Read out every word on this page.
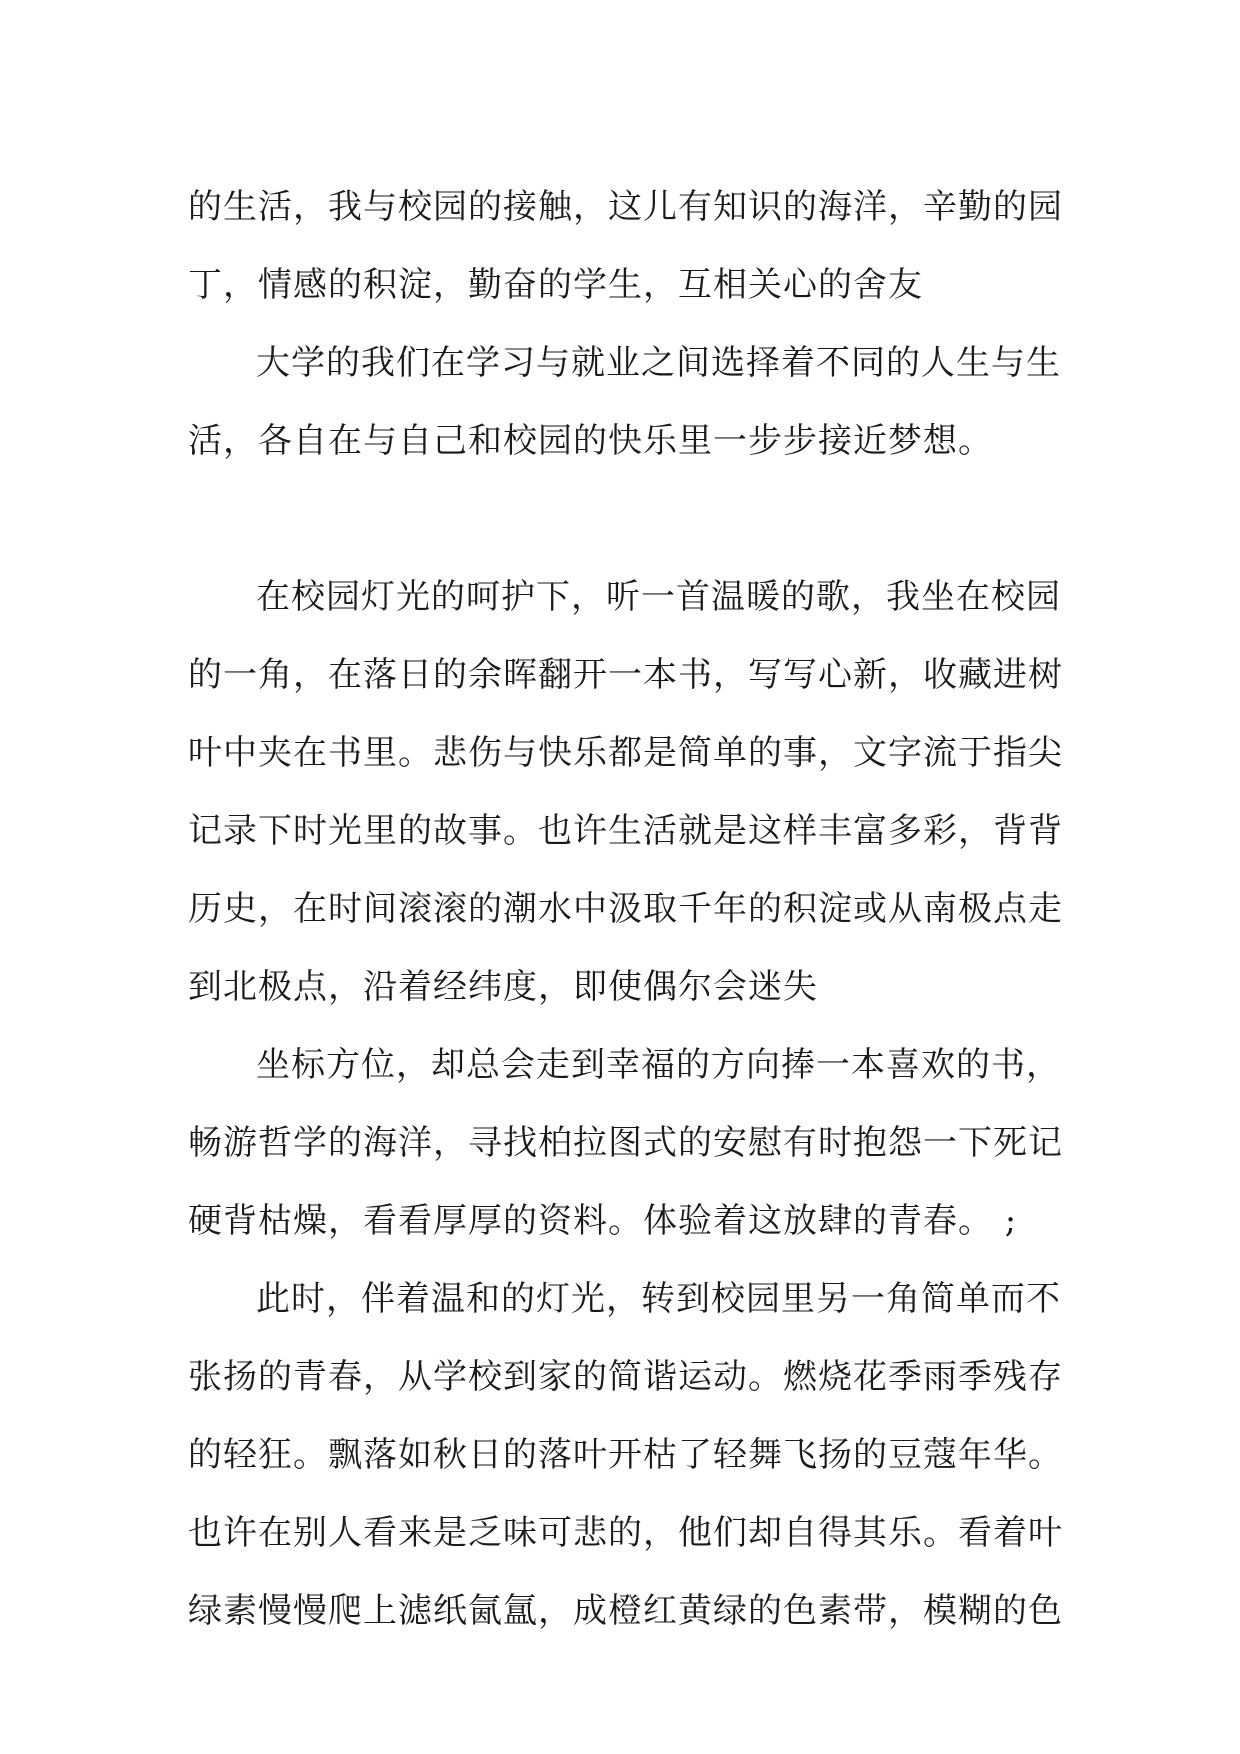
的生活，我与校园的接触，这儿有知识的海洋，辛勤的园
丁，情感的积淀，勤奋的学生，互相关心的舍友
大学的我们在学习与就业之间选择着不同的人生与生
活，各自在与自己和校园的快乐里一步步接近梦想。
在校园灯光的呵护下，听一首温暖的歌，我坐在校园
的一角，在落日的余晖翻开一本书，写写心新，收藏进树
叶中夹在书里。悲伤与快乐都是简单的事，文字流于指尖
记录下时光里的故事。也许生活就是这样丰富多彩，背背
历史，在时间滚滚的潮水中汲取千年的积淀或从南极点走
到北极点，沿着经纬度，即使偶尔会迷失
坐标方位，却总会走到幸福的方向捧一本喜欢的书，
畅游哲学的海洋，寻找柏拉图式的安慰有时抱怨一下死记
硬背枯燥，看看厚厚的资料。体验着这放肆的青春。 ;
此时，伴着温和的灯光，转到校园里另一角简单而不
张扬的青春，从学校到家的简谐运动。燃烧花季雨季残存
的轻狂。飘落如秋日的落叶开枯了轻舞飞扬的豆蔻年华。
也许在别人看来是乏味可悲的，他们却自得其乐。看着叶
绿素慢慢爬上滤纸氤氲，成橙红黄绿的色素带，模糊的色
